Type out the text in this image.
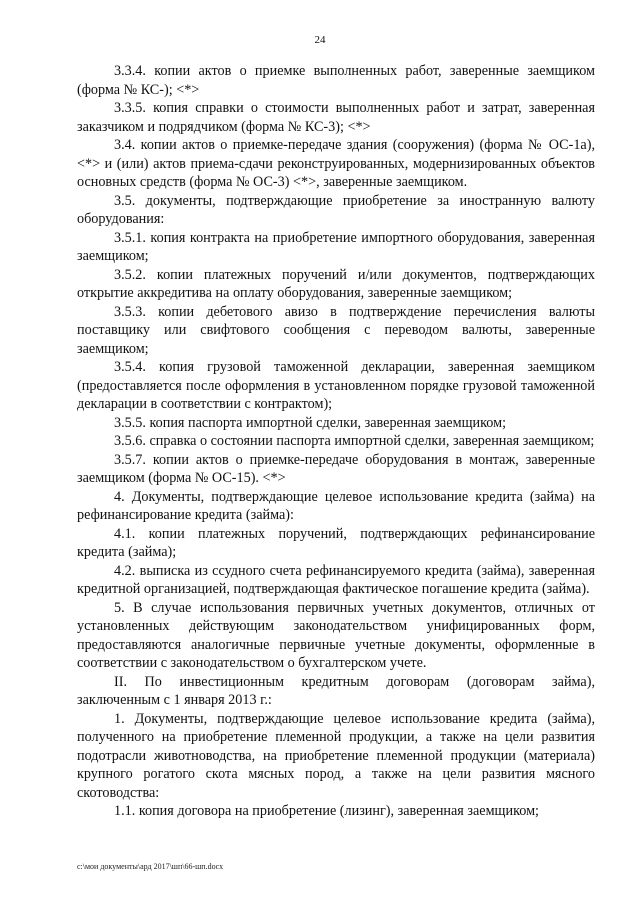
24

3.3.4. копии актов о приемке выполненных работ, заверенные заемщиком (форма № КС-); <*>

3.3.5. копия справки о стоимости выполненных работ и затрат, заверенная заказчиком и подрядчиком (форма № КС-3); <*>

3.4. копии актов о приемке-передаче здания (сооружения) (форма № ОС-1а), <*> и (или) актов приема-сдачи реконструированных, модернизированных объектов основных средств (форма № ОС-3) <*>, заверенные заемщиком.

3.5. документы, подтверждающие приобретение за иностранную валюту оборудования:

3.5.1. копия контракта на приобретение импортного оборудования, заверенная заемщиком;

3.5.2. копии платежных поручений и/или документов, подтверждающих открытие аккредитива на оплату оборудования, заверенные заемщиком;

3.5.3. копии дебетового авизо в подтверждение перечисления валюты поставщику или свифтового сообщения с переводом валюты, заверенные заемщиком;

3.5.4. копия грузовой таможенной декларации, заверенная заемщиком (предоставляется после оформления в установленном порядке грузовой таможенной декларации в соответствии с контрактом);

3.5.5. копия паспорта импортной сделки, заверенная заемщиком;

3.5.6. справка о состоянии паспорта импортной сделки, заверенная заемщиком;

3.5.7. копии актов о приемке-передаче оборудования в монтаж, заверенные заемщиком (форма № ОС-15). <*>

4. Документы, подтверждающие целевое использование кредита (займа) на рефинансирование кредита (займа):

4.1. копии платежных поручений, подтверждающих рефинансирование кредита (займа);

4.2. выписка из ссудного счета рефинансируемого кредита (займа), заверенная кредитной организацией, подтверждающая фактическое погашение кредита (займа).

5. В случае использования первичных учетных документов, отличных от установленных действующим законодательством унифицированных форм, предоставляются аналогичные первичные учетные документы, оформленные в соответствии с законодательством о бухгалтерском учете.

II. По инвестиционным кредитным договорам (договорам займа), заключенным с 1 января 2013 г.:

1. Документы, подтверждающие целевое использование кредита (займа), полученного на приобретение племенной продукции, а также на цели развития подотрасли животноводства, на приобретение племенной продукции (материала) крупного рогатого скота мясных пород, а также на цели развития мясного скотоводства:

1.1. копия договора на приобретение (лизинг), заверенная заемщиком;

c:\мои документы\ард 2017\шп\66-шп.docx
